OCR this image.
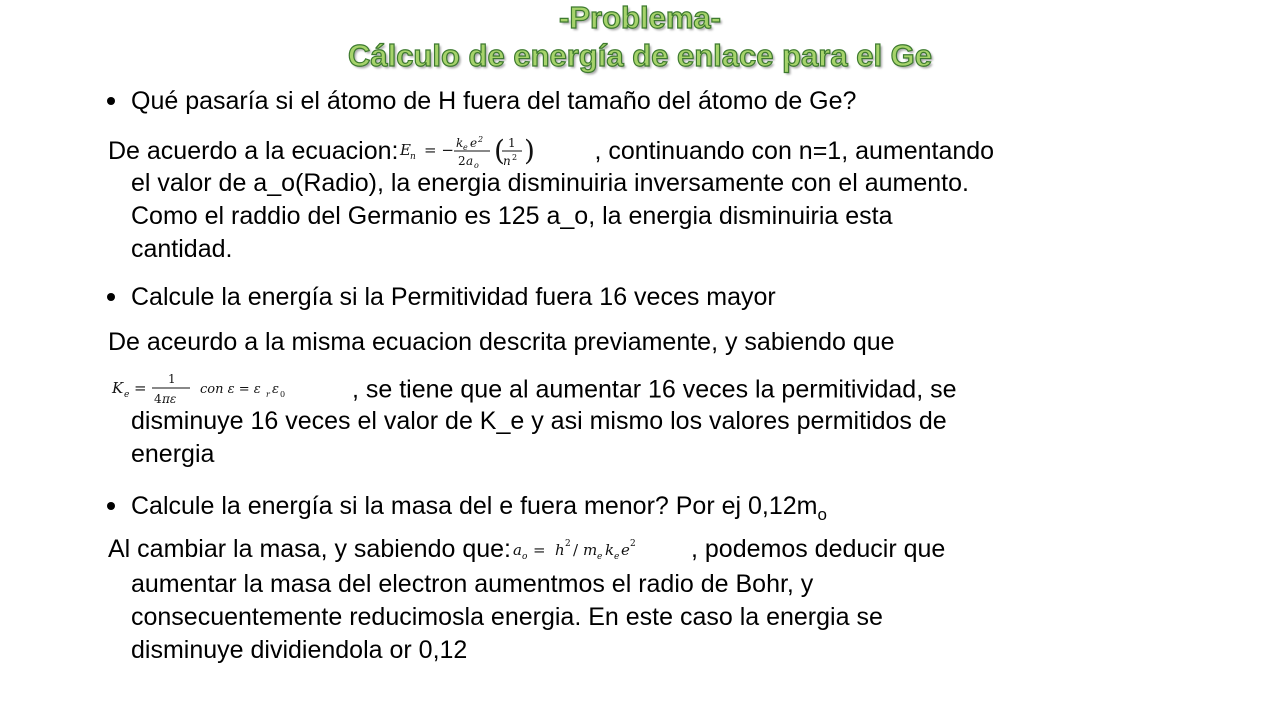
-Problema-
Cálculo de energía de enlace para el Ge

Qué pasaría si el átomo de H fuera del tamaño del átomo de Ge?

De acuerdo a la ecuacion: E n = − k e e 2
2 a o ( 1
n 2 ) , continuando con n=1, aumentando

el valor de a_o(Radio), la energia disminuiria inversamente con el aumento.

Como el raddio del Germanio es 125 a_o, la energia disminuiria esta

cantidad.

Calcule la energía si la Permitividad fuera 16 veces mayor

De aceurdo a la misma ecuacion descrita previamente, y sabiendo que

K e = 1
4 πε
con ε = ε r ε 0	, se tiene que al aumentar 16 veces la permitividad, se

disminuye 16 veces el valor de K_e y asi mismo los valores permitidos de

energia

Calcule la energía si la masa del e fuera menor? Por ej $0,12m_o$

Al cambiar la masa, y sabiendo que: a o = h 2 / m e k e e 2 , podemos deducir que

aumentar la masa del electron aumentmos el radio de Bohr, y

consecuentemente reducimosla energia. En este caso la energia se

disminuye dividiendola or 0,12
